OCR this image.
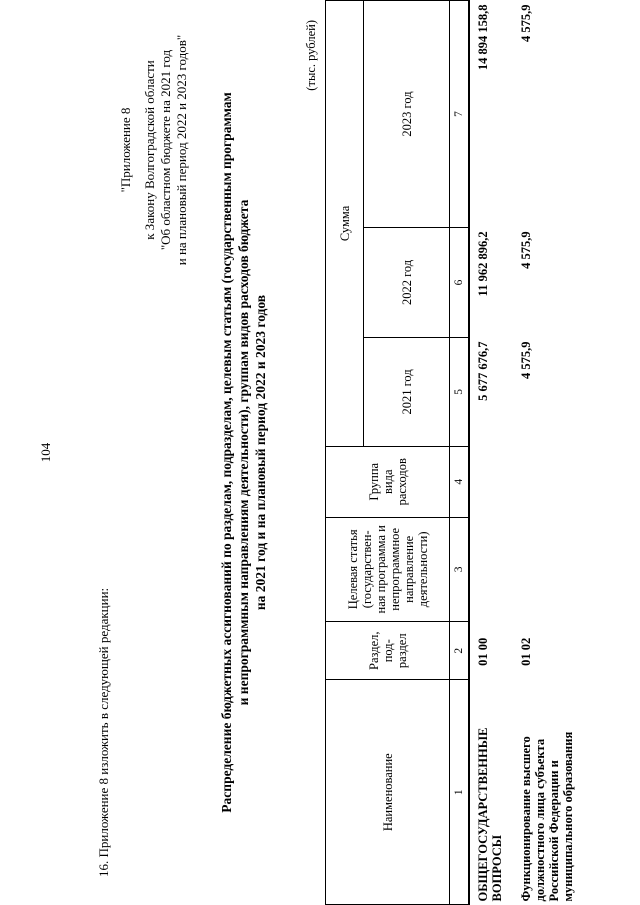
104
16. Приложение 8 изложить в следующей редакции:
"Приложение 8 к Закону Волгоградской области "Об областном бюджете на 2021 год и на плановый период 2022 и 2023 годов" Распределение бюджетных ассигнований по разделам, подразделам, целевым статьям (государственным программам и непрограммным направлениям деятельности), группам видов расходов бюджета на 2021 год и на плановый период 2022 и 2023 годов
(тыс. рублей)
Наименование	Раздел, под- раздел	Целевая статья (государствен- ная программа и непрограммное направление деятельности)	Группа вида расходов	Сумма		
				2021 год	2022 год	2023 год
1	2	3	4	5	6	7
ОБЩЕГОСУДАРСТВЕННЫЕ ВОПРОСЫ	01 00			5 677 676,7	11 962 896,2	14 894 158,8
Функционирование высшего должностного лица субъекта Российской Федерации и муниципального образования	01 02			4 575,9	4 575,9	4 575,9
